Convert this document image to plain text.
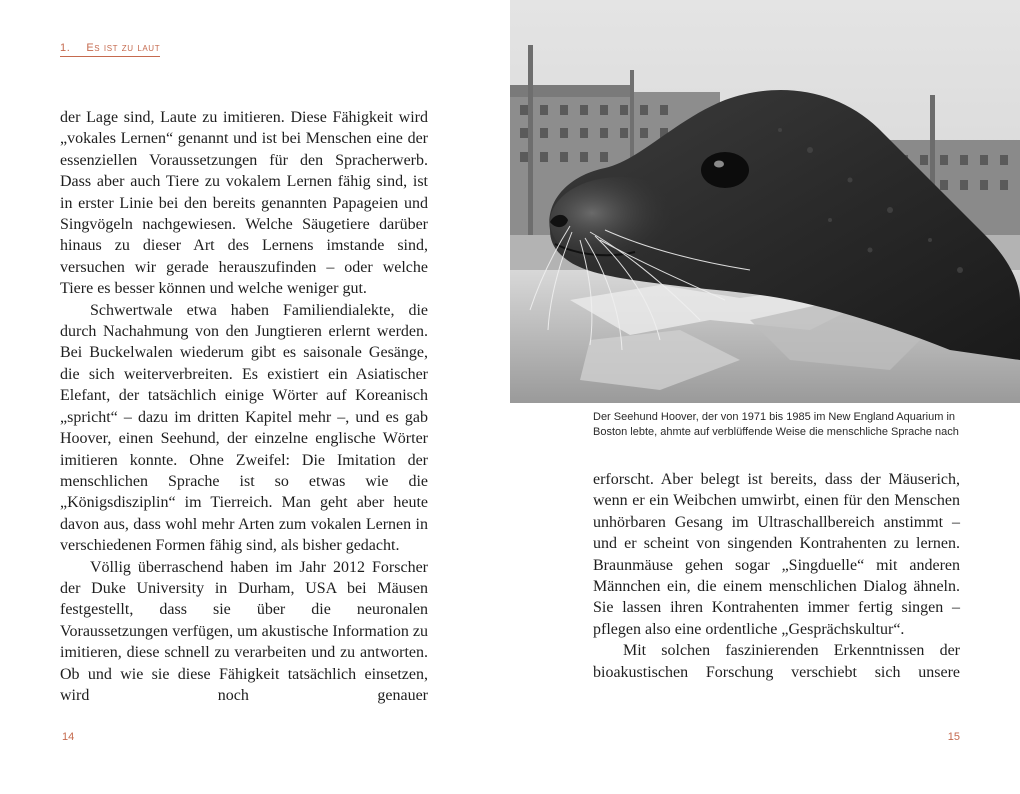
1. Es ist zu laut

der Lage sind, Laute zu imitieren. Diese Fähigkeit wird „vokales Lernen“ genannt und ist bei Menschen eine der essenziellen Voraussetzungen für den Spracherwerb. Dass aber auch Tiere zu vokalem Lernen fähig sind, ist in erster Linie bei den bereits genannten Papageien und Singvögeln nachgewiesen. Welche Säugetiere darüber hinaus zu dieser Art des Lernens imstande sind, versuchen wir gerade herauszufinden – oder welche Tiere es besser können und welche weniger gut.

Schwertwale etwa haben Familiendialekte, die durch Nachahmung von den Jungtieren erlernt werden. Bei Buckelwalen wiederum gibt es saisonale Gesänge, die sich weiterverbreiten. Es existiert ein Asiatischer Elefant, der tatsächlich einige Wörter auf Koreanisch „spricht“ – dazu im dritten Kapitel mehr –, und es gab Hoover, einen Seehund, der einzelne englische Wörter imitieren konnte. Ohne Zweifel: Die Imitation der menschlichen Sprache ist so etwas wie die „Königsdisziplin“ im Tierreich. Man geht aber heute davon aus, dass wohl mehr Arten zum vokalen Lernen in verschiedenen Formen fähig sind, als bisher gedacht.

Völlig überraschend haben im Jahr 2012 Forscher der Duke University in Durham, USA bei Mäusen festgestellt, dass sie über die neuronalen Voraussetzungen verfügen, um akustische Information zu imitieren, diese schnell zu verarbeiten und zu antworten. Ob und wie sie diese Fähigkeit tatsächlich einsetzen, wird noch genauer

14
Der Seehund Hoover, der von 1971 bis 1985 im New England Aquarium in
Boston lebte, ahmte auf verblüffende Weise die menschliche Sprache nach

erforscht. Aber belegt ist bereits, dass der Mäuserich, wenn er ein Weibchen umwirbt, einen für den Menschen unhörbaren Gesang im Ultraschallbereich anstimmt – und er scheint von singenden Kontrahenten zu lernen. Braunmäuse gehen sogar „Singduelle“ mit anderen Männchen ein, die einem menschlichen Dialog ähneln. Sie lassen ihren Kontrahenten immer fertig singen – pflegen also eine ordentliche „Gesprächskultur“.

Mit solchen faszinierenden Erkenntnissen der bioakustischen Forschung verschiebt sich unsere

15
